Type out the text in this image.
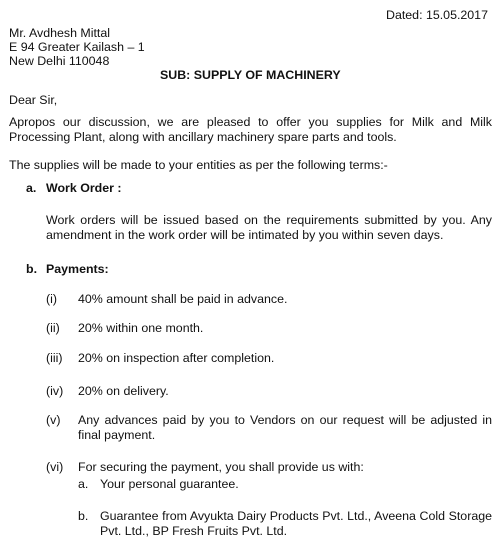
Dated: 15.05.2017
Mr. Avdhesh Mittal
E 94 Greater Kailash – 1
New Delhi 110048
SUB: SUPPLY OF MACHINERY
Dear Sir,
Apropos our discussion, we are pleased to offer you supplies for Milk and Milk Processing Plant, along with ancillary machinery spare parts and tools.
The supplies will be made to your entities as per the following terms:-
a. Work Order :
Work orders will be issued based on the requirements submitted by you. Any amendment in the work order will be intimated by you within seven days.
b. Payments:
(i) 40% amount shall be paid in advance.
(ii) 20% within one month.
(iii) 20% on inspection after completion.
(iv) 20% on delivery.
(v) Any advances paid by you to Vendors on our request will be adjusted in final payment.
(vi) For securing the payment, you shall provide us with:
a. Your personal guarantee.
b. Guarantee from Avyukta Dairy Products Pvt. Ltd., Aveena Cold Storage Pvt. Ltd., BP Fresh Fruits Pvt. Ltd.
